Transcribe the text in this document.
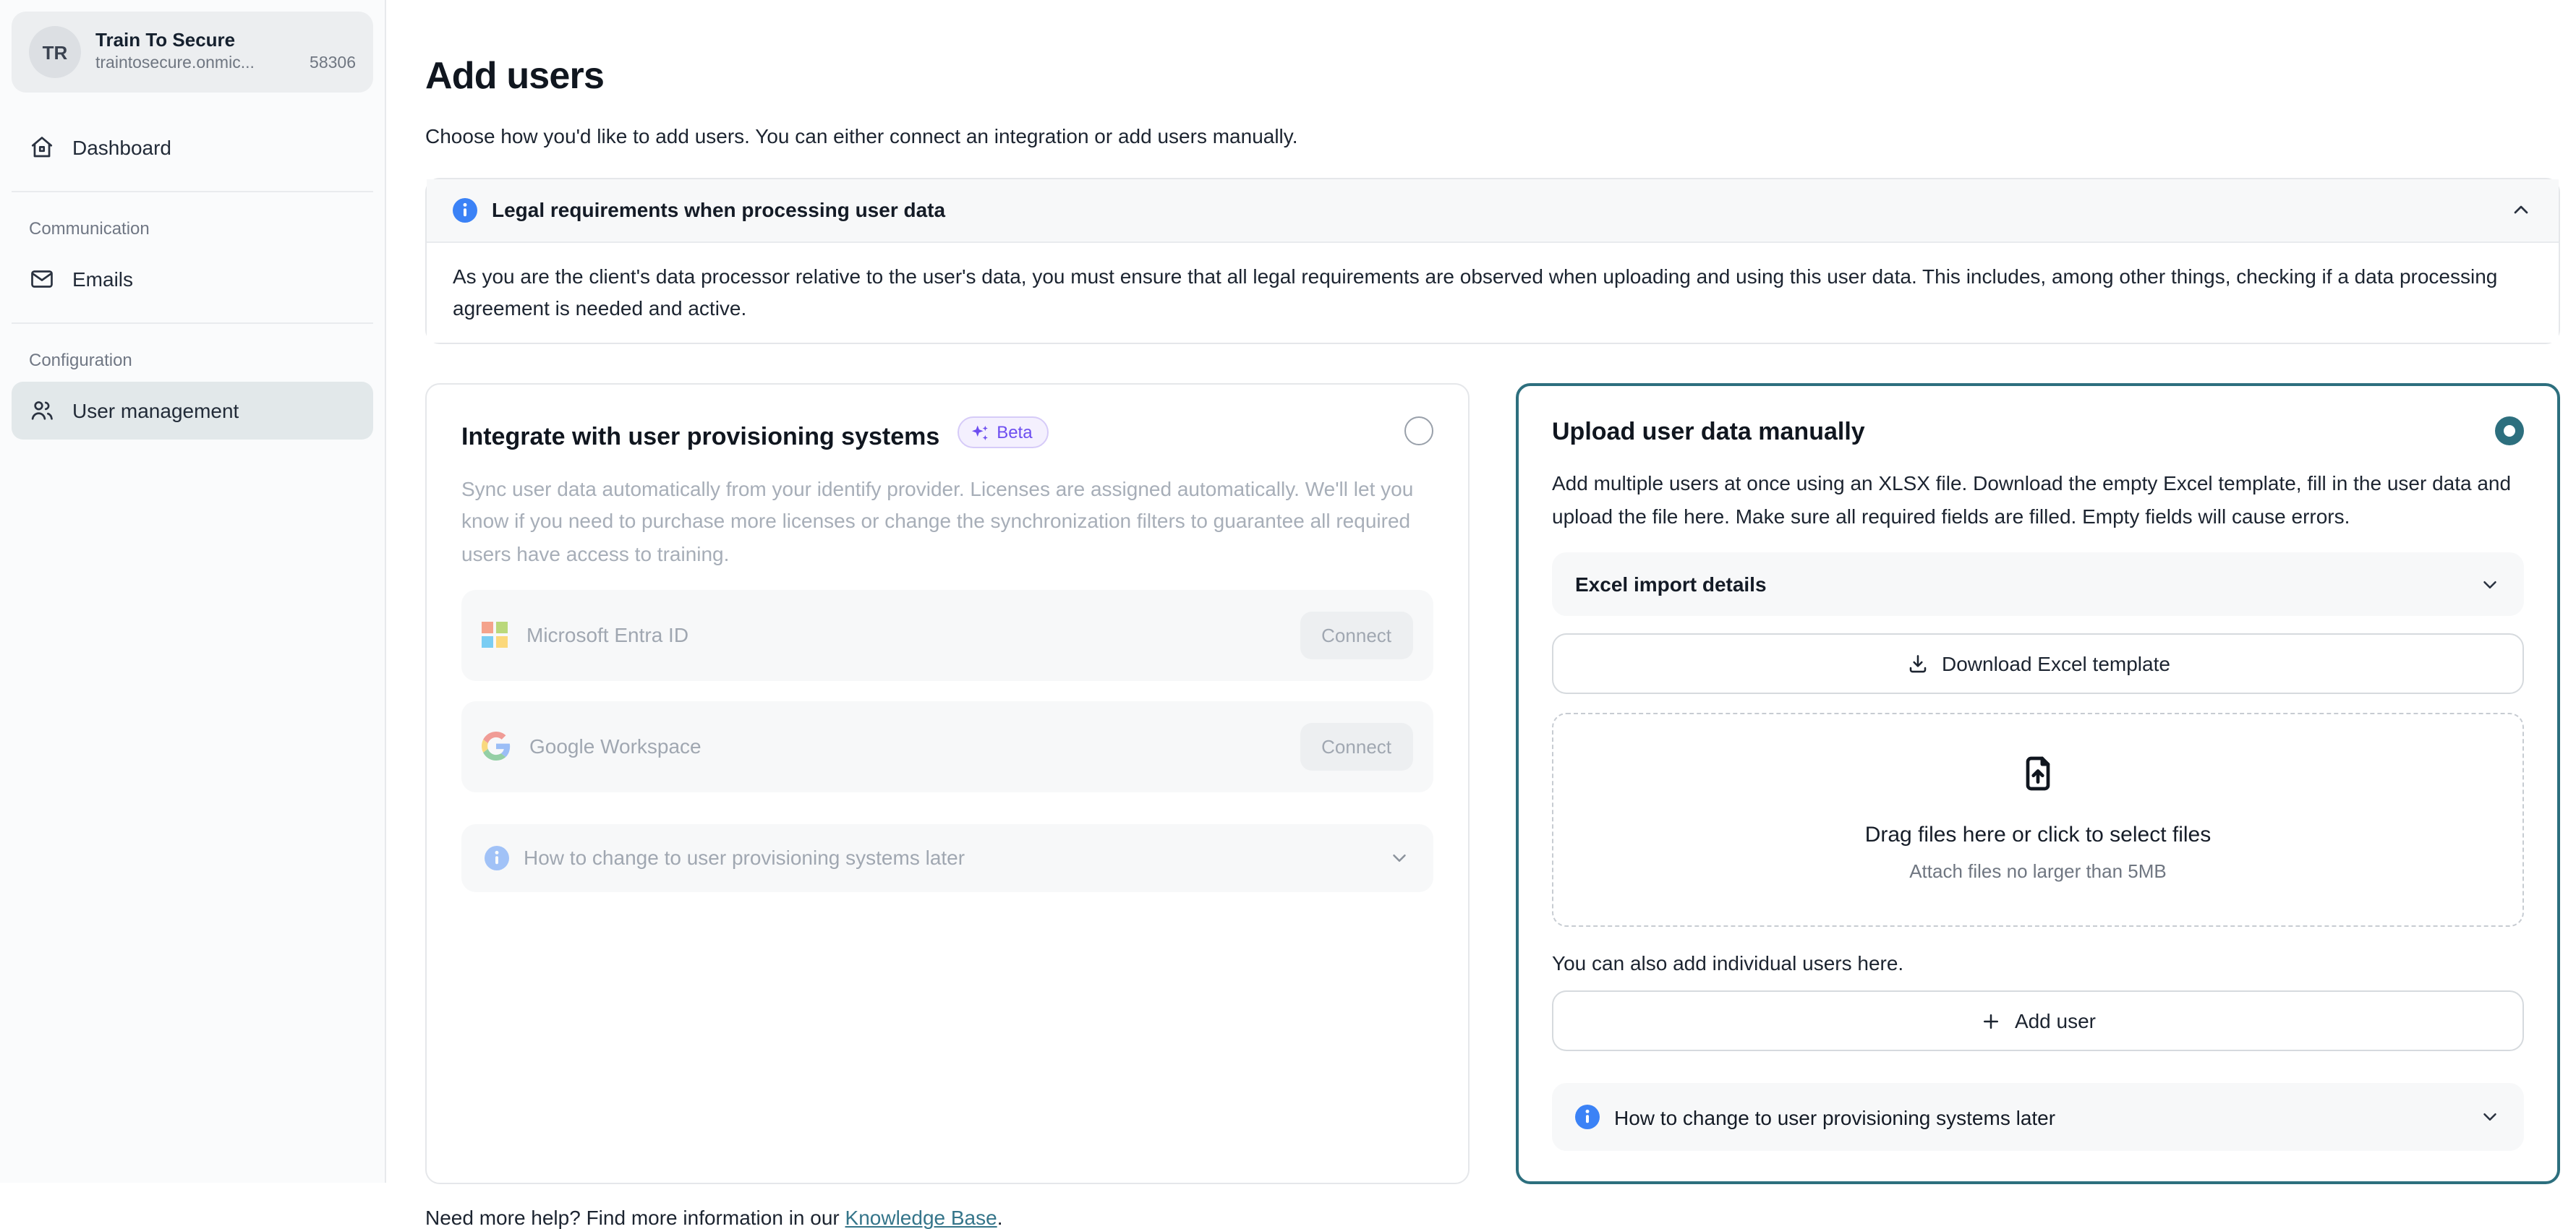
TR
Train To Secure
traintosecure.onmic...	58306
Dashboard
Communication
Emails
Configuration
User management
Add users
Choose how you'd like to add users. You can either connect an integration or add users manually.
Legal requirements when processing user data
As you are the client's data processor relative to the user's data, you must ensure that all legal requirements are observed when uploading and using this user data. This includes, among other things, checking if a data processing agreement is needed and active.
Integrate with user provisioning systems	Beta
Sync user data automatically from your identify provider. Licenses are assigned automatically. We'll let you know if you need to purchase more licenses or change the synchronization filters to guarantee all required users have access to training.
Microsoft Entra ID	Connect
Google Workspace	Connect
How to change to user provisioning systems later
Upload user data manually
Add multiple users at once using an XLSX file. Download the empty Excel template, fill in the user data and upload the file here. Make sure all required fields are filled. Empty fields will cause errors.
Excel import details
Download Excel template
Drag files here or click to select files
Attach files no larger than 5MB
You can also add individual users here.
Add user
How to change to user provisioning systems later
Need more help? Find more information in our Knowledge Base.
